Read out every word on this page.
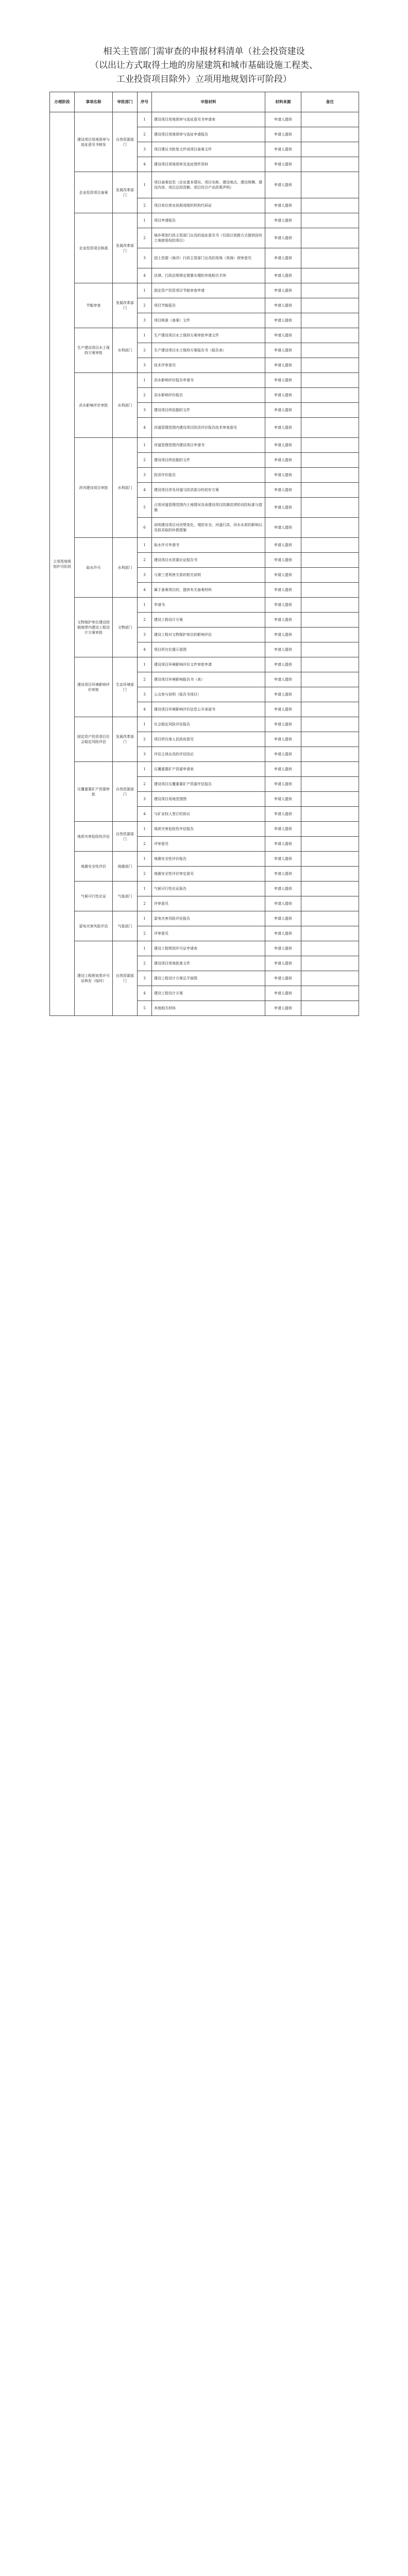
相关主管部门需审查的申报材料清单（社会投资建设
（以出让方式取得土地的房屋建筑和城市基础设施工程类、
工业投资项目除外）立项用地规划许可阶段）
办理阶段	事项名称	审批部门	序号	申报材料	材料来源	备注
立项用地规划许可阶段	建设项目用地预审与选址意见书核发	自然资源部门	1	建设项目用地预审与选址意见书申请表	申请人提供	
			2	建设项目用地预审与选址申请报告	申请人提供	
			3	项目建议书批复文件或项目备案文件	申请人提供	
			4	建设项目用地预审及选址图件资料	申请人提供	
	企业投资项目备案	发展改革部门	1	项目备案信息（企业基本情况、项目名称、建设地点、建设规模、建设内容、项目总投资额、项目符合产业政策声明）	申请人提供	
			2	项目单位营业执照或组织机构代码证	申请人提供	
	企业投资项目核准	发展改革部门	1	项目申请报告	申请人提供	
			2	城乡规划行政主管部门出具的选址意见书（仅指以划拨方式提供国有土地使用权的项目）	申请人提供	
			3	国土资源（海洋）行政主管部门出具的用地（用海）预审意见	申请人提供	
			4	法律、行政法规规定需要办理的其他相关手续	申请人提供	
	节能审查	发展改革部门	1	固定资产投资项目节能审查申请	申请人提供	
			2	项目节能报告	申请人提供	
			3	项目核准（备案）文件	申请人提供	
	生产建设项目水土保持方案审批	水利部门	1	生产建设项目水土保持方案审批申请文件	申请人提供	
			2	生产建设项目水土保持方案报告书（报告表）	申请人提供	
			3	技术评审意见	申请人提供	
	洪水影响评价审批	水利部门	1	洪水影响评价报告申请书	申请人提供	
			2	洪水影响评价报告	申请人提供	
			3	建设项目所依据的文件	申请人提供	
			4	河道管理范围内建设项目防洪评价报告技术审查意见	申请人提供	
	涉河建设项目审批	水利部门	1	河道管理范围内建设项目申请书	申请人提供	
			2	建设项目所依据的文件	申请人提供	
			3	防洪评价报告	申请人提供	
			4	建设项目涉及河道与防洪部分的初步方案	申请人提供	
			5	占用河道管理范围内土地情况及该建设项目防御洪涝的设防标准与措施	申请人提供	
			6	说明建设项目对河势变化、堤防安全、河道行洪、河水水质的影响以及拟采取的补救措施	申请人提供	
	取水许可	水利部门	1	取水许可申请书	申请人提供	
			2	建设项目水资源论证报告书	申请人提供	
			3	与第三者利害关系的相关说明	申请人提供	
			4	属于备案项目的，提供有关备案材料	申请人提供	
	文物保护单位建设控制地带内建设工程设计方案审批	文物部门	1	申请书	申请人提供	
			2	建设工程设计方案	申请人提供	
			3	建设工程对文物保护单位的影响评估	申请人提供	
			4	项目所在位置示意图	申请人提供	
	建设项目环境影响评价审批	生态环境部门	1	建设项目环境影响评价文件审批申请	申请人提供	
			2	建设项目环境影响报告书（表）	申请人提供	
			3	公众参与说明（报告书项目）	申请人提供	
			4	建设项目环境影响评价信息公开承诺书	申请人提供	
	固定资产投资项目社会稳定风险评估	发展改革部门	1	社会稳定风险评估报告	申请人提供	
			2	项目所在地人民政府意见	申请人提供	
			3	评估主体出具的评估结论	申请人提供	
	压覆重要矿产资源审批	自然资源部门	1	压覆重要矿产资源申请表	申请人提供	
			2	建设项目压覆重要矿产资源评估报告	申请人提供	
			3	建设项目用地范围图	申请人提供	
			4	与矿业权人签订的协议	申请人提供	
	地质灾害危险性评估	自然资源部门	1	地质灾害危险性评估报告	申请人提供	
			2	评审意见	申请人提供	
	地震安全性评价	地震部门	1	地震安全性评价报告	申请人提供	
			2	地震安全性评价审定意见	申请人提供	
	气候可行性论证	气象部门	1	气候可行性论证报告	申请人提供	
			2	评审意见	申请人提供	
	雷电灾害风险评估	气象部门	1	雷电灾害风险评估报告	申请人提供	
			2	评审意见	申请人提供	
	建设工程规划类许可证核发（临时）	自然资源部门	1	建设工程规划许可证申请表	申请人提供	
			2	建设项目用地批准文件	申请人提供	
			3	建设工程设计方案总平面图	申请人提供	
			4	建设工程设计方案	申请人提供	
			5	其他相关材料	申请人提供	
